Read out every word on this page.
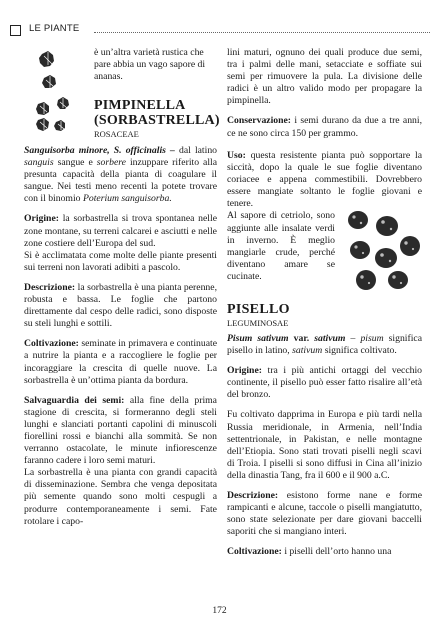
LE PIANTE
è un’altra varietà rustica che pare abbia un vago sapore di ananas.
PIMPINELLA
(SORBASTRELLA)
ROSACEAE

Sanguisorba minore, S. officinalis – dal latino sanguis sangue e sorbere inzuppare riferito alla presunta capacità della pianta di coagulare il sangue. Nei testi meno recenti la potete trovare con il binomio Poterium sanguisorba.

Origine: la sorbastrella si trova spontanea nelle zone montane, su terreni calcarei e asciutti e nelle zone costiere dell’Europa del sud.

Si è acclimatata come molte delle piante presenti sui terreni non lavorati adibiti a pascolo.

Descrizione: la sorbastrella è una pianta perenne, robusta e bassa. Le foglie che partono direttamente dal cespo delle radici, sono disposte su steli lunghi e sottili.

Coltivazione: seminate in primavera e continuate a nutrire la pianta e a raccogliere le foglie per incoraggiare la crescita di quelle nuove. La sorbastrella è un’ottima pianta da bordura.

Salvaguardia dei semi: alla fine della prima stagione di crescita, si formeranno degli steli lunghi e slanciati portanti capolini di minuscoli fiorellini rossi e bianchi alla sommità. Se non verranno ostacolate, le minute infiorescenze faranno cadere i loro semi maturi.

La sorbastrella è una pianta con grandi capacità di disseminazione. Sembra che venga depositata più semente quando sono molti cespugli a produrre contemporaneamente i semi. Fate rotolare i capo-

lini maturi, ognuno dei quali produce due semi, tra i palmi delle mani, setacciate e soffiate sui semi per rimuovere la pula. La divisione delle radici è un altro valido modo per propagare la pimpinella.

Conservazione: i semi durano da due a tre anni, ce ne sono circa 150 per grammo.

Uso: questa resistente pianta può sopportare la siccità, dopo la quale le sue foglie diventano coriacee e appena commestibili. Dovrebbero essere mangiate soltanto le foglie giovani e tenere.
Al sapore di cetriolo, sono aggiunte alle insalate verdi in inverno. È meglio mangiarle crude, perché diventano amare se cucinate.
PISELLO
LEGUMINOSAE

Pisum sativum var. sativum – pisum significa pisello in latino, sativum significa coltivato.

Origine: tra i più antichi ortaggi del vecchio continente, il pisello può esser fatto risalire all’età del bronzo.

Fu coltivato dapprima in Europa e più tardi nella Russia meridionale, in Armenia, nell’India settentrionale, in Pakistan, e nelle montagne dell’Etiopia. Sono stati trovati piselli negli scavi di Troia. I piselli si sono diffusi in Cina all’inizio della dinastia Tang, fra il 600 e il 900 a.C.

Descrizione: esistono forme nane e forme rampicanti e alcune, taccole o piselli mangiatutto, sono state selezionate per dare giovani baccelli saporiti che si mangiano interi.

Coltivazione: i piselli dell’orto hanno una

172
